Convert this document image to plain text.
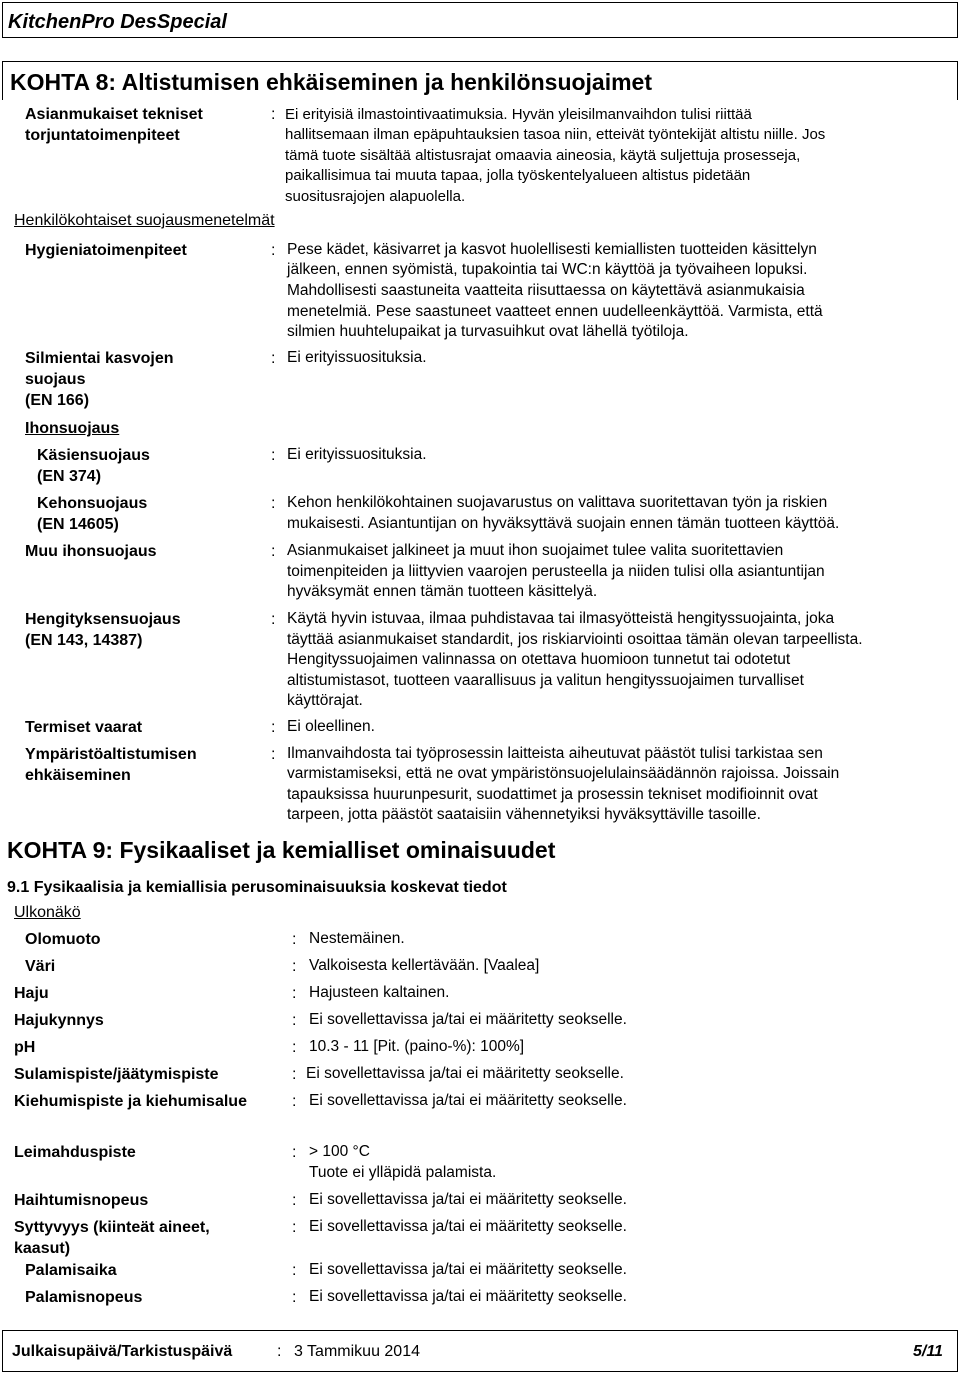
KitchenPro DesSpecial
KOHTA 8: Altistumisen ehkäiseminen ja henkilönsuojaimet
Asianmukaiset tekniset
torjuntatoimenpiteet
: Ei erityisiä ilmastointivaatimuksia. Hyvän yleisilmanvaihdon tulisi riittää
hallitsemaan ilman epäpuhtauksien tasoa niin, etteivät työntekijät altistu niille. Jos
tämä tuote sisältää altistusrajat omaavia aineosia, käytä suljettuja prosesseja,
paikallisimua tai muuta tapaa, jolla työskentelyalueen altistus pidetään
suositusrajojen alapuolella.
Henkilökohtaiset suojausmenetelmät
Hygieniatoimenpiteet	: Pese kädet, käsivarret ja kasvot huolellisesti kemiallisten tuotteiden käsittelyn
jälkeen, ennen syömistä, tupakointia tai WC:n käyttöä ja työvaiheen lopuksi.
Mahdollisesti saastuneita vaatteita riisuttaessa on käytettävä asianmukaisia
menetelmiä. Pese saastuneet vaatteet ennen uudelleenkäyttöä. Varmista, että
silmien huuhtelupaikat ja turvasuihkut ovat lähellä työtiloja.
Silmientai kasvojen
suojaus
(EN 166)
: Ei erityissuosituksia.
Ihonsuojaus
Käsiensuojaus
(EN 374)
: Ei erityissuosituksia.
Kehonsuojaus
(EN 14605)
: Kehon henkilökohtainen suojavarustus on valittava suoritettavan työn ja riskien
mukaisesti. Asiantuntijan on hyväksyttävä suojain ennen tämän tuotteen käyttöä.
Muu ihonsuojaus	: Asianmukaiset jalkineet ja muut ihon suojaimet tulee valita suoritettavien
toimenpiteiden ja liittyvien vaarojen perusteella ja niiden tulisi olla asiantuntijan
hyväksymät ennen tämän tuotteen käsittelyä.
Hengityksensuojaus
(EN 143, 14387)
: Käytä hyvin istuvaa, ilmaa puhdistavaa tai ilmasyötteistä hengityssuojainta, joka
täyttää asianmukaiset standardit, jos riskiarviointi osoittaa tämän olevan tarpeellista.
Hengityssuojaimen valinnassa on otettava huomioon tunnetut tai odotetut
altistumistasot, tuotteen vaarallisuus ja valitun hengityssuojaimen turvalliset
käyttörajat.
Termiset vaarat	: Ei oleellinen.
Ympäristöaltistumisen
ehkäiseminen
: Ilmanvaihdosta tai työprosessin laitteista aiheutuvat päästöt tulisi tarkistaa sen
varmistamiseksi, että ne ovat ympäristönsuojelulainsäädännön rajoissa. Joissain
tapauksissa huurunpesurit, suodattimet ja prosessin tekniset modifioinnit ovat
tarpeen, jotta päästöt saataisiin vähennetyiksi hyväksyttäville tasoille.
KOHTA 9: Fysikaaliset ja kemialliset ominaisuudet
9.1 Fysikaalisia ja kemiallisia perusominaisuuksia koskevat tiedot
Ulkonäkö
Olomuoto	: Nestemäinen.
Väri	: Valkoisesta kellertävään. [Vaalea]
Haju	: Hajusteen kaltainen.
Hajukynnys	: Ei sovellettavissa ja/tai ei määritetty seokselle.
pH	: 10.3 - 11 [Pit. (paino-%): 100%]
Sulamispiste/jäätymispiste	: Ei sovellettavissa ja/tai ei määritetty seokselle.
Kiehumispiste ja kiehumisalue	: Ei sovellettavissa ja/tai ei määritetty seokselle.
Leimahduspiste	: > 100 °C
Tuote ei ylläpidä palamista.
Haihtumisnopeus	: Ei sovellettavissa ja/tai ei määritetty seokselle.
Syttyvyys (kiinteät aineet,
kaasut)
: Ei sovellettavissa ja/tai ei määritetty seokselle.
Palamisaika	: Ei sovellettavissa ja/tai ei määritetty seokselle.
Palamisnopeus	: Ei sovellettavissa ja/tai ei määritetty seokselle.
Julkaisupäivä/Tarkistuspäivä	: 3 Tammikuu 2014	5/11
